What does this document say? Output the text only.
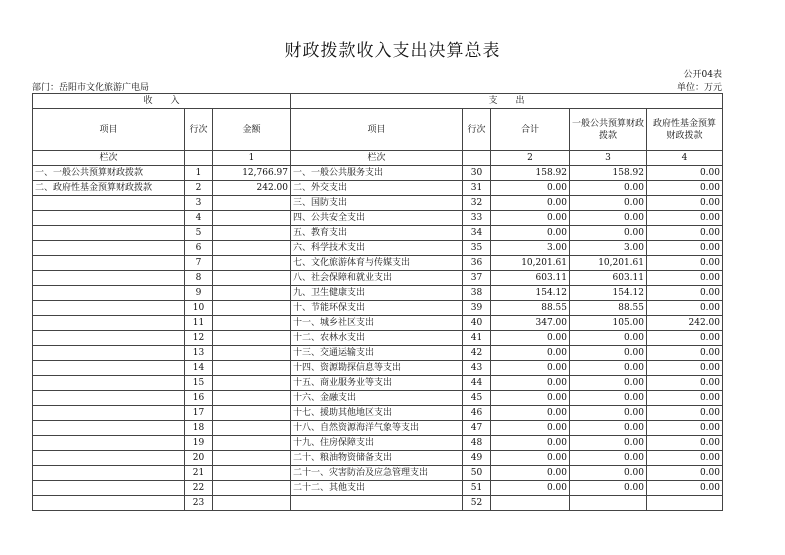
财政拨款收入支出决算总表
公开04表
部门：岳阳市文化旅游广电局	单位：万元
收　　入			支　　出				
项目	行次	金额	项目	行次	合计	一般公共预算财政拨款	政府性基金预算财政拨款
栏次		1	栏次		2	3	4
一、一般公共预算财政拨款	1	12,766.97	一、一般公共服务支出	30	158.92	158.92	0.00
二、政府性基金预算财政拨款	2	242.00	二、外交支出	31	0.00	0.00	0.00
	3		三、国防支出	32	0.00	0.00	0.00
	4		四、公共安全支出	33	0.00	0.00	0.00
	5		五、教育支出	34	0.00	0.00	0.00
	6		六、科学技术支出	35	3.00	3.00	0.00
	7		七、文化旅游体育与传媒支出	36	10,201.61	10,201.61	0.00
	8		八、社会保障和就业支出	37	603.11	603.11	0.00
	9		九、卫生健康支出	38	154.12	154.12	0.00
	10		十、节能环保支出	39	88.55	88.55	0.00
	11		十一、城乡社区支出	40	347.00	105.00	242.00
	12		十二、农林水支出	41	0.00	0.00	0.00
	13		十三、交通运输支出	42	0.00	0.00	0.00
	14		十四、资源勘探信息等支出	43	0.00	0.00	0.00
	15		十五、商业服务业等支出	44	0.00	0.00	0.00
	16		十六、金融支出	45	0.00	0.00	0.00
	17		十七、援助其他地区支出	46	0.00	0.00	0.00
	18		十八、自然资源海洋气象等支出	47	0.00	0.00	0.00
	19		十九、住房保障支出	48	0.00	0.00	0.00
	20		二十、粮油物资储备支出	49	0.00	0.00	0.00
	21		二十一、灾害防治及应急管理支出	50	0.00	0.00	0.00
	22		二十二、其他支出	51	0.00	0.00	0.00
	23			52			
